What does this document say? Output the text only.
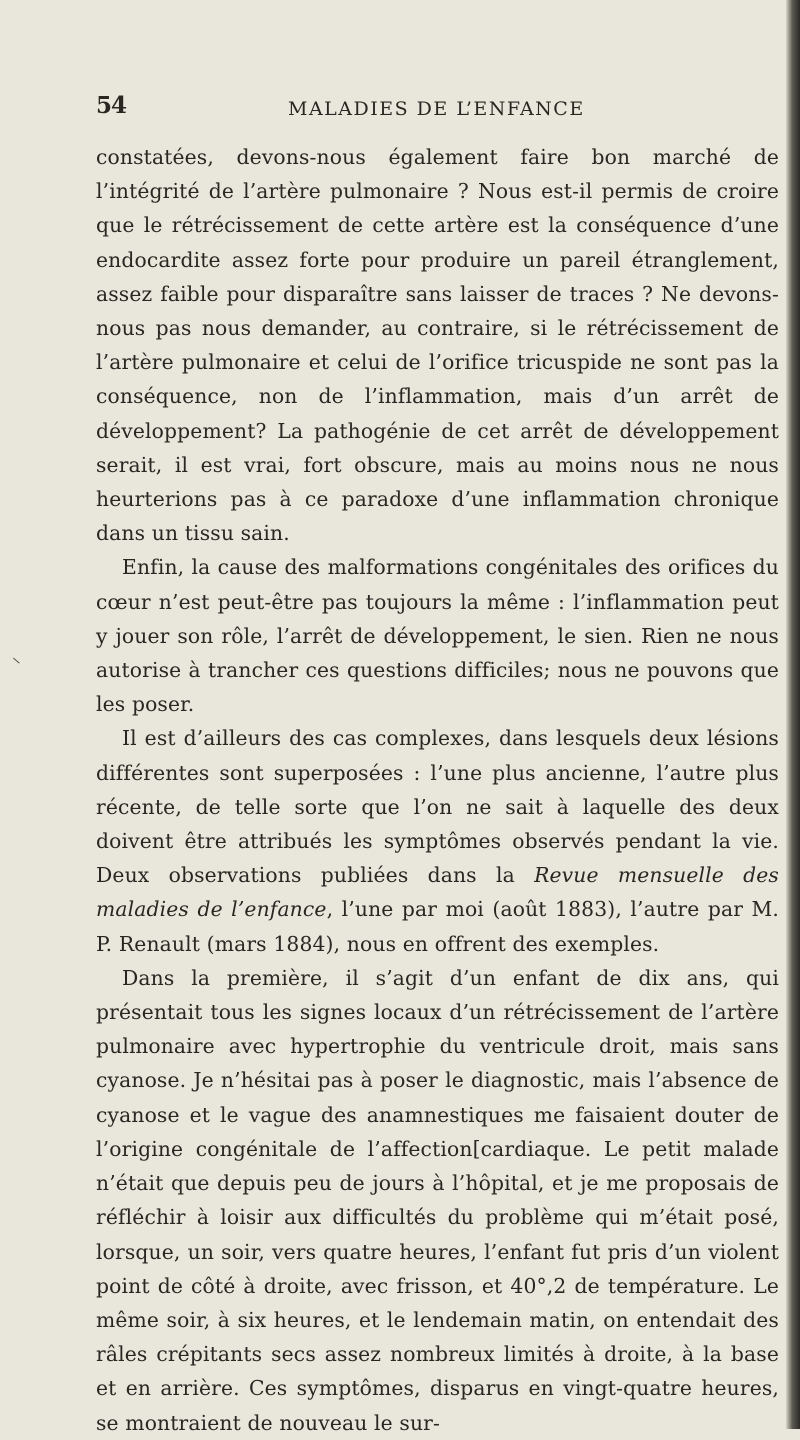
54	MALADIES DE L’ENFANCE

constatées, devons-nous également faire bon marché de l’intégrité de l’artère pulmonaire ? Nous est-il permis de croire que le rétrécissement de cette artère est la conséquence d’une endocardite assez forte pour produire un pareil étranglement, assez faible pour disparaître sans laisser de traces ? Ne devons-nous pas nous demander, au contraire, si le rétrécissement de l’artère pulmonaire et celui de l’orifice tricuspide ne sont pas la conséquence, non de l’inflammation, mais d’un arrêt de développement? La pathogénie de cet arrêt de développement serait, il est vrai, fort obscure, mais au moins nous ne nous heurterions pas à ce paradoxe d’une inflammation chronique dans un tissu sain.

Enfin, la cause des malformations congénitales des orifices du cœur n’est peut-être pas toujours la même : l’inflammation peut y jouer son rôle, l’arrêt de développement, le sien. Rien ne nous autorise à trancher ces questions difficiles; nous ne pouvons que les poser.

Il est d’ailleurs des cas complexes, dans lesquels deux lésions différentes sont superposées : l’une plus ancienne, l’autre plus récente, de telle sorte que l’on ne sait à laquelle des deux doivent être attribués les symptômes observés pendant la vie. Deux observations publiées dans la Revue mensuelle des maladies de l’enfance, l’une par moi (août 1883), l’autre par M. P. Renault (mars 1884), nous en offrent des exemples.

Dans la première, il s’agit d’un enfant de dix ans, qui présentait tous les signes locaux d’un rétrécissement de l’artère pulmonaire avec hypertrophie du ventricule droit, mais sans cyanose. Je n’hésitai pas à poser le diagnostic, mais l’absence de cyanose et le vague des anamnestiques me faisaient douter de l’origine congénitale de l’affection[cardiaque. Le petit malade n’était que depuis peu de jours à l’hôpital, et je me proposais de réfléchir à loisir aux difficultés du problème qui m’était posé, lorsque, un soir, vers quatre heures, l’enfant fut pris d’un violent point de côté à droite, avec frisson, et 40°,2 de température. Le même soir, à six heures, et le lendemain matin, on entendait des râles crépitants secs assez nombreux limités à droite, à la base et en arrière. Ces symptômes, disparus en vingt-quatre heures, se montraient de nouveau le sur-
